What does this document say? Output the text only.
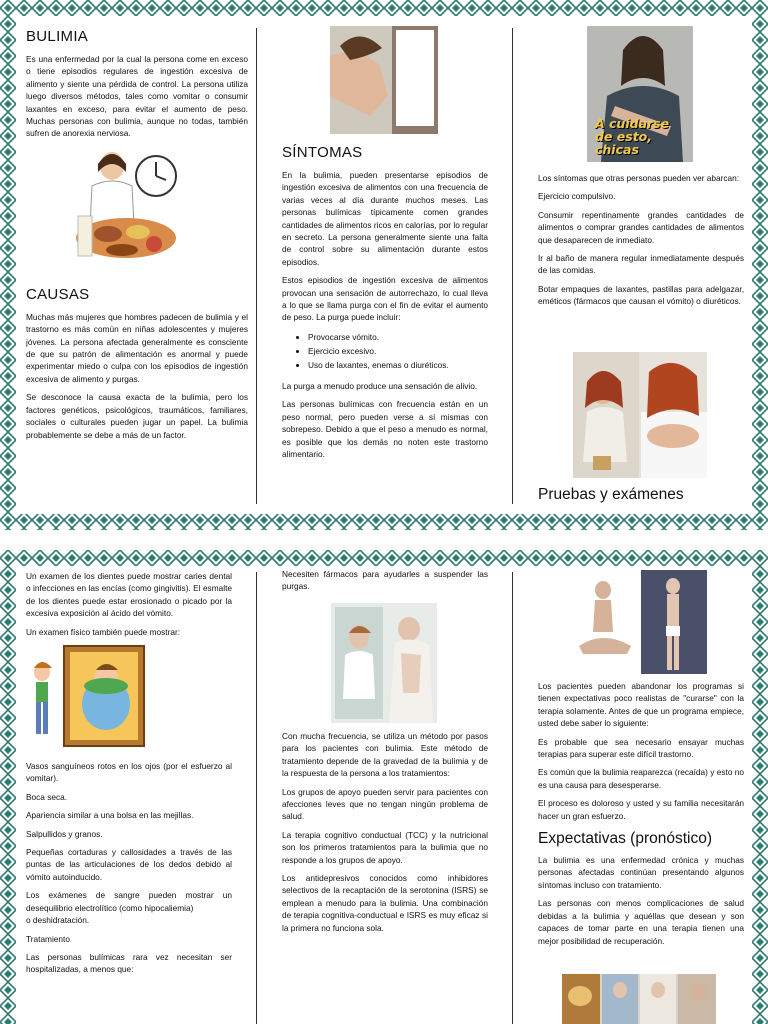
BULIMIA

Es una enfermedad por la cual la persona come en exceso o tiene episodios regulares de ingestión excesiva de alimento y siente una pérdida de control. La persona utiliza luego diversos métodos, tales como vomitar o consumir laxantes en exceso, para evitar el aumento de peso. Muchas personas con bulimia, aunque no todas, también sufren de anorexia nerviosa.

CAUSAS

Muchas más mujeres que hombres padecen de bulimia y el trastorno es más común en niñas adolescentes y mujeres jóvenes. La persona afectada generalmente es consciente de que su patrón de alimentación es anormal y puede experimentar miedo o culpa con los episodios de ingestión excesiva de alimento y purgas.

Se desconoce la causa exacta de la bulimia, pero los factores genéticos, psicológicos, traumáticos, familiares, sociales o culturales pueden jugar un papel. La bulimia probablemente se debe a más de un factor.

SÍNTOMAS

En la bulimia, pueden presentarse episodios de ingestión excesiva de alimentos con una frecuencia de varias veces al día durante muchos meses. Las personas bulímicas típicamente comen grandes cantidades de alimentos ricos en calorías, por lo regular en secreto. La persona generalmente siente una falta de control sobre su alimentación durante estos episodios.

Estos episodios de ingestión excesiva de alimentos provocan una sensación de autorrechazo, lo cual lleva a lo que se llama purga con el fin de evitar el aumento de peso. La purga puede incluir:

• Provocarse vómito.
• Ejercicio excesivo.
• Uso de laxantes, enemas o diuréticos.

La purga a menudo produce una sensación de alivio.

Las personas bulímicas con frecuencia están en un peso normal, pero pueden verse a sí mismas con sobrepeso. Debido a que el peso a menudo es normal, es posible que los demás no noten este trastorno alimentario.

A cuidarse
de esto, chicas

Los síntomas que otras personas pueden ver abarcan:

Ejercicio compulsivo.

Consumir repentinamente grandes cantidades de alimentos o comprar grandes cantidades de alimentos que desaparecen de inmediato.

Ir al baño de manera regular inmediatamente después de las comidas.

Botar empaques de laxantes, pastillas para adelgazar, eméticos (fármacos que causan el vómito) o diuréticos.

Pruebas y exámenes

Un examen de los dientes puede mostrar caries dental o infecciones en las encías (como gingivitis). El esmalte de los dientes puede estar erosionado o picado por la excesiva exposición al ácido del vómito.

Un examen físico también puede mostrar:

Vasos sanguíneos rotos en los ojos (por el esfuerzo al vomitar).

Boca seca.

Apariencia similar a una bolsa en las mejillas.

Salpullidos y granos.

Pequeñas cortaduras y callosidades a través de las puntas de las articulaciones de los dedos debido al vómito autoinducido.

Los exámenes de sangre pueden mostrar un desequilibrio electrolítico (como hipocaliemia)

o deshidratación.

Tratamiento

Las personas bulímicas rara vez necesitan ser hospitalizadas, a menos que:

Necesiten fármacos para ayudarles a suspender las purgas.

Con mucha frecuencia, se utiliza un método por pasos para los pacientes con bulimia. Este método de tratamiento depende de la gravedad de la bulimia y de la respuesta de la persona a los tratamientos:

Los grupos de apoyo pueden servir para pacientes con afecciones leves que no tengan ningún problema de salud.

La terapia cognitivo conductual (TCC) y la nutricional son los primeros tratamientos para la bulimia que no responde a los grupos de apoyo.

Los antidepresivos conocidos como inhibidores selectivos de la recaptación de la serotonina (ISRS) se emplean a menudo para la bulimia. Una combinación de terapia cognitiva-conductual e ISRS es muy eficaz si la primera no funciona sola.

Los pacientes pueden abandonar los programas si tienen expectativas poco realistas de "curarse" con la terapia solamente. Antes de que un programa empiece, usted debe saber lo siguiente:

Es probable que sea necesario ensayar muchas terapias para superar este difícil trastorno.

Es común que la bulimia reaparezca (recaída) y esto no es una causa para desesperarse.

El proceso es doloroso y usted y su familia necesitarán hacer un gran esfuerzo.

Expectativas (pronóstico)

La bulimia es una enfermedad crónica y muchas personas afectadas continúan presentando algunos síntomas incluso con tratamiento.

Las personas con menos complicaciones de salud debidas a la bulimia y aquéllas que desean y son capaces de tomar parte en una terapia tienen una mejor posibilidad de recuperación.
